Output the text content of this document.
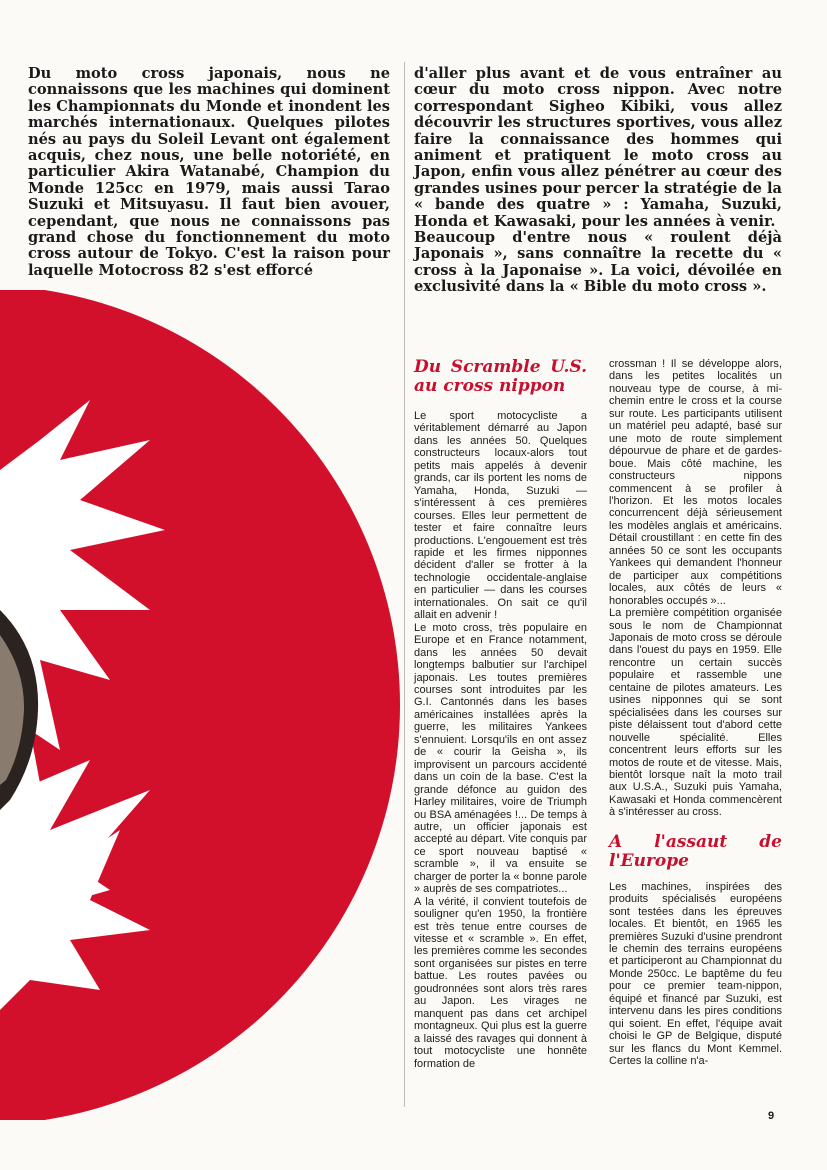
Du moto cross japonais, nous ne connaissons que les machines qui dominent les Championnats du Monde et inondent les marchés internationaux. Quelques pilotes nés au pays du Soleil Levant ont également acquis, chez nous, une belle notoriété, en particulier Akira Watanabé, Champion du Monde 125cc en 1979, mais aussi Tarao Suzuki et Mitsuyasu. Il faut bien avouer, cependant, que nous ne connaissons pas grand chose du fonctionnement du moto cross autour de Tokyo. C'est la raison pour laquelle Motocross 82 s'est efforcé

d'aller plus avant et de vous entraîner au cœur du moto cross nippon. Avec notre correspondant Sigheo Kibiki, vous allez découvrir les structures sportives, vous allez faire la connaissance des hommes qui animent et pratiquent le moto cross au Japon, enfin vous allez pénétrer au cœur des grandes usines pour percer la stratégie de la « bande des quatre » : Yamaha, Suzuki, Honda et Kawasaki, pour les années à venir.

Beaucoup d'entre nous « roulent déjà Japonais », sans connaître la recette du « cross à la Japonaise ». La voici, dévoilée en exclusivité dans la « Bible du moto cross ».

Du Scramble U.S. au cross nippon

Le sport motocycliste a véritablement démarré au Japon dans les années 50. Quelques constructeurs locaux-alors tout petits mais appelés à devenir grands, car ils portent les noms de Yamaha, Honda, Suzuki — s'intéressent à ces premières courses. Elles leur permettent de tester et faire connaître leurs productions. L'engouement est très rapide et les firmes nipponnes décident d'aller se frotter à la technologie occidentale-anglaise en particulier — dans les courses internationales. On sait ce qu'il allait en advenir !

Le moto cross, très populaire en Europe et en France notamment, dans les années 50 devait longtemps balbutier sur l'archipel japonais. Les toutes premières courses sont introduites par les G.I. Cantonnés dans les bases américaines installées après la guerre, les militaires Yankees s'ennuient. Lorsqu'ils en ont assez de « courir la Geisha », ils improvisent un parcours accidenté dans un coin de la base. C'est la grande défonce au guidon des Harley militaires, voire de Triumph ou BSA aménagées !... De temps à autre, un officier japonais est accepté au départ. Vite conquis par ce sport nouveau baptisé « scramble », il va ensuite se charger de porter la « bonne parole » auprès de ses compatriotes...

A la vérité, il convient toutefois de souligner qu'en 1950, la frontière est très tenue entre courses de vitesse et « scramble ». En effet, les premières comme les secondes sont organisées sur pistes en terre battue. Les routes pavées ou goudronnées sont alors très rares au Japon. Les virages ne manquent pas dans cet archipel montagneux. Qui plus est la guerre a laissé des ravages qui donnent à tout motocycliste une honnête formation de

crossman ! Il se développe alors, dans les petites localités un nouveau type de course, à mi-chemin entre le cross et la course sur route. Les participants utilisent un matériel peu adapté, basé sur une moto de route simplement dépourvue de phare et de gardes-boue. Mais côté machine, les constructeurs nippons commencent à se profiler à l'horizon. Et les motos locales concurrencent déjà sérieusement les modèles anglais et américains. Détail croustillant : en cette fin des années 50 ce sont les occupants Yankees qui demandent l'honneur de participer aux compétitions locales, aux côtés de leurs « honorables occupés »...

La première compétition organisée sous le nom de Championnat Japonais de moto cross se déroule dans l'ouest du pays en 1959. Elle rencontre un certain succès populaire et rassemble une centaine de pilotes amateurs. Les usines nipponnes qui se sont spécialisées dans les courses sur piste délaissent tout d'abord cette nouvelle spécialité. Elles concentrent leurs efforts sur les motos de route et de vitesse. Mais, bientôt lorsque naît la moto trail aux U.S.A., Suzuki puis Yamaha, Kawasaki et Honda commencèrent à s'intéresser au cross.

A l'assaut de l'Europe

Les machines, inspirées des produits spécialisés européens sont testées dans les épreuves locales. Et bientôt, en 1965 les premières Suzuki d'usine prendront le chemin des terrains européens et participeront au Championnat du Monde 250cc. Le baptême du feu pour ce premier team-nippon, équipé et financé par Suzuki, est intervenu dans les pires conditions qui soient. En effet, l'équipe avait choisi le GP de Belgique, disputé sur les flancs du Mont Kemmel. Certes la colline n'a-

9
